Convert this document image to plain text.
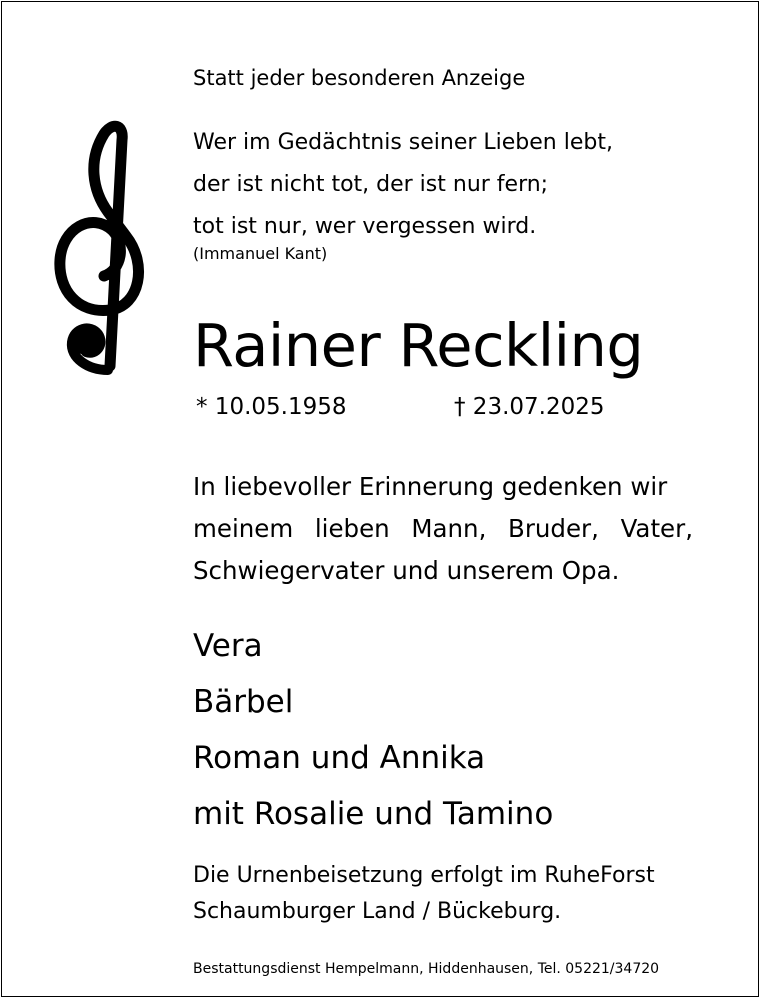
Statt jeder besonderen Anzeige
Wer im Gedächtnis seiner Lieben lebt,
der ist nicht tot, der ist nur fern;
tot ist nur, wer vergessen wird.
(Immanuel Kant)
Rainer Reckling
* 10.05.1958	† 23.07.2025
In liebevoller Erinnerung gedenken wir
meinem lieben Mann, Bruder, Vater,
Schwiegervater und unserem Opa.
Vera
Bärbel
Roman und Annika
mit Rosalie und Tamino
Die Urnenbeisetzung erfolgt im RuheForst
Schaumburger Land / Bückeburg.
Bestattungsdienst Hempelmann, Hiddenhausen, Tel. 05221/34720
